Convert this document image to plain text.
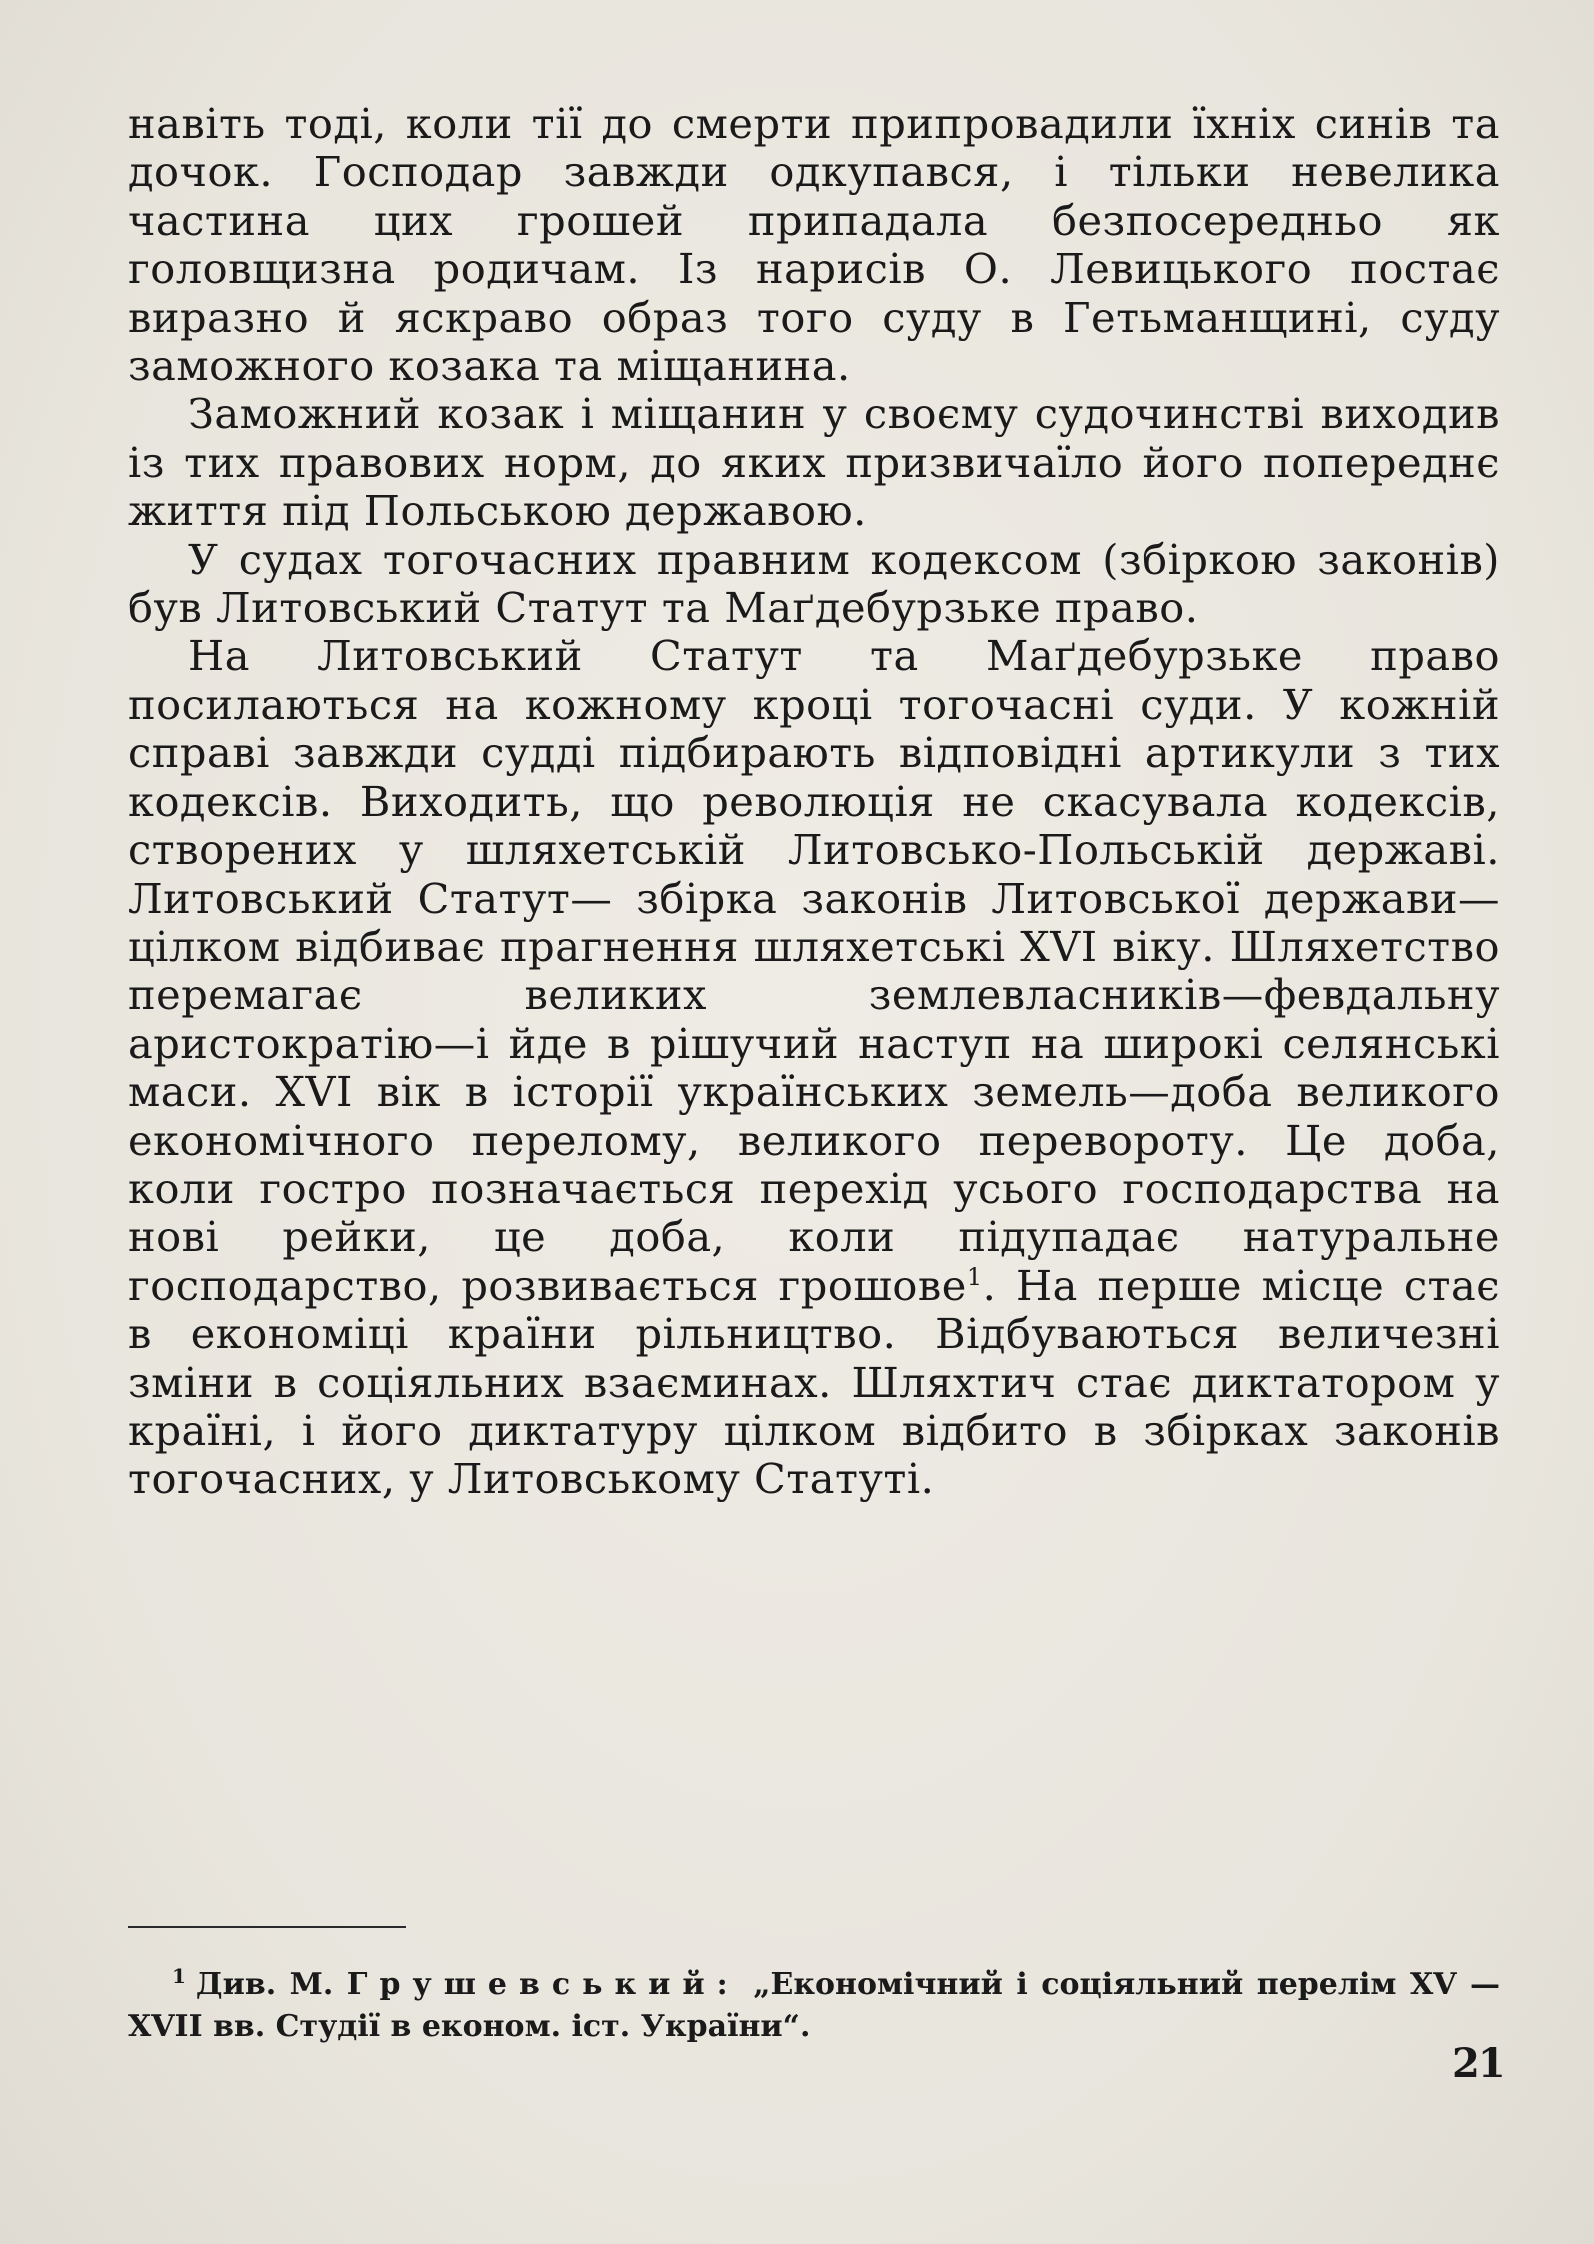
навіть тоді, коли тії до смерти припровадили їхніх синів та дочок. Господар завжди одкупався, і тільки невелика частина цих грошей припадала безпосередньо як головщизна родичам. Із нарисів О. Левицького постає виразно й яскраво образ того суду в Гетьманщині, суду заможного козака та міщанина.

Заможний козак і міщанин у своєму судочинстві виходив із тих правових норм, до яких призвичаїло його попереднє життя під Польською державою.

У судах тогочасних правним кодексом (збіркою законів) був Литовський Статут та Маґдебурзьке право.

На Литовський Статут та Маґдебурзьке право посилаються на кожному кроці тогочасні суди. У кожній справі завжди судді підбирають відповідні артикули з тих кодексів. Виходить, що революція не скасувала кодексів, створених у шляхетській Литовсько-Польській державі. Литовський Статут— збірка законів Литовської держави—цілком відбиває прагнення шляхетські XVI віку. Шляхетство перемагає великих землевласників—февдальну аристократію—і йде в рішучий наступ на широкі селянські маси. XVI вік в історії українських земель—доба великого економічного перелому, великого перевороту. Це доба, коли гостро позначається перехід усього господарства на нові рейки, це доба, коли підупадає натуральне господарство, розвивається грошове$^1$. На перше місце стає в економіці країни рільництво. Відбуваються величезні зміни в соціяльних взаєминах. Шляхтич стає диктатором у країні, і його диктатуру цілком відбито в збірках законів тогочасних, у Литовському Статуті.

$^1$ Див. М. Грушевський: „Економічний і соціяльний перелім XV — XVII вв. Студії в економ. іст. України“.
21
